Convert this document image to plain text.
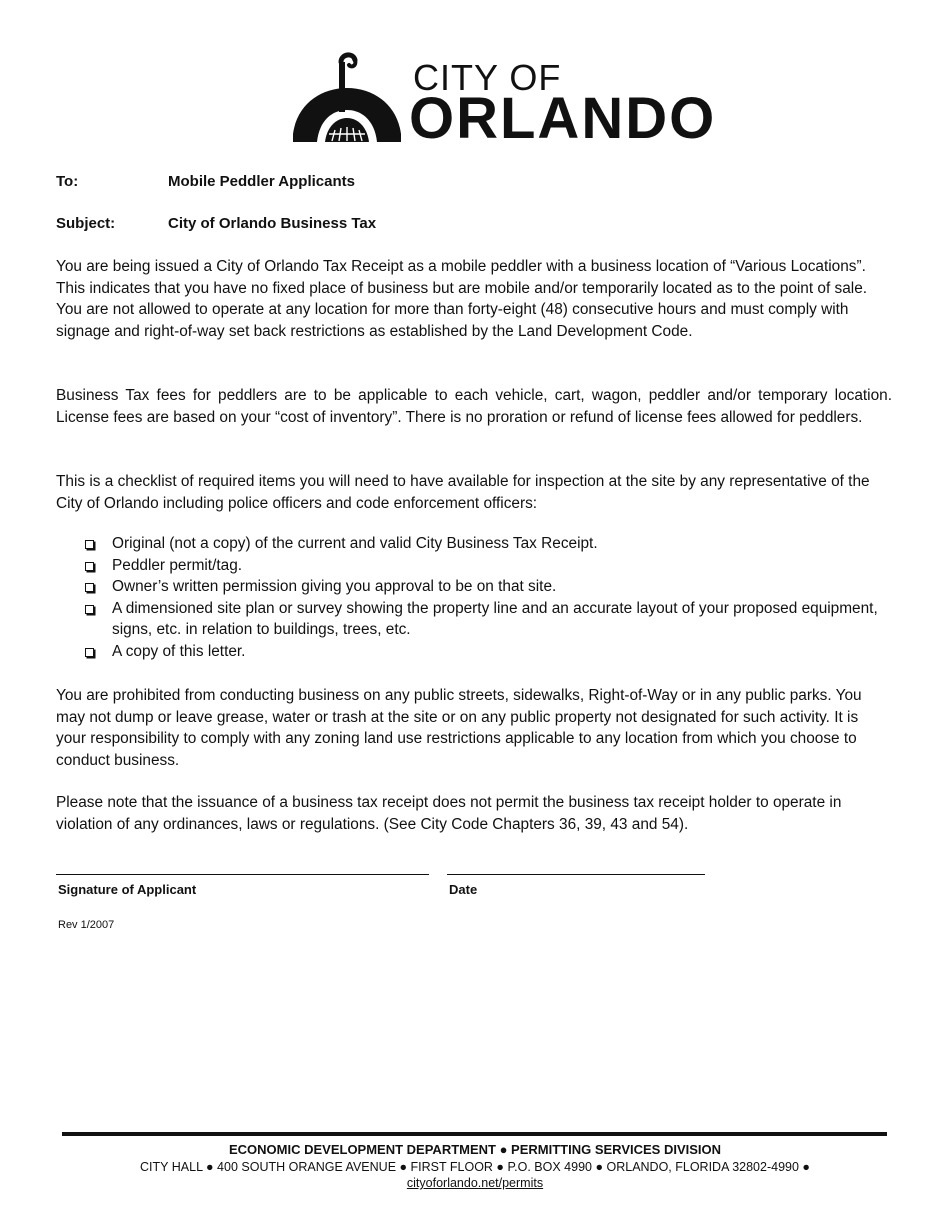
CITY OF
ORLANDO
To:	Mobile Peddler Applicants
Subject:	City of Orlando Business Tax

You are being issued a City of Orlando Tax Receipt as a mobile peddler with a business location of “Various Locations”. This indicates that you have no fixed place of business but are mobile and/or temporarily located as to the point of sale. You are not allowed to operate at any location for more than forty-eight (48) consecutive hours and must comply with signage and right-of-way set back restrictions as established by the Land Development Code.

Business Tax fees for peddlers are to be applicable to each vehicle, cart, wagon, peddler and/or temporary location. License fees are based on your “cost of inventory”. There is no proration or refund of license fees allowed for peddlers.

This is a checklist of required items you will need to have available for inspection at the site by any representative of the City of Orlando including police officers and code enforcement officers:

Original (not a copy) of the current and valid City Business Tax Receipt.
Peddler permit/tag.
Owner’s written permission giving you approval to be on that site.
A dimensioned site plan or survey showing the property line and an accurate layout of your proposed equipment, signs, etc. in relation to buildings, trees, etc.
A copy of this letter.

You are prohibited from conducting business on any public streets, sidewalks, Right-of-Way or in any public parks. You may not dump or leave grease, water or trash at the site or on any public property not designated for such activity. It is your responsibility to comply with any zoning land use restrictions applicable to any location from which you choose to conduct business.

Please note that the issuance of a business tax receipt does not permit the business tax receipt holder to operate in violation of any ordinances, laws or regulations. (See City Code Chapters 36, 39, 43 and 54).

Signature of Applicant	Date
Rev 1/2007
ECONOMIC DEVELOPMENT DEPARTMENT ● PERMITTING SERVICES DIVISION
CITY HALL ● 400 SOUTH ORANGE AVENUE ● FIRST FLOOR ● P.O. BOX 4990 ● ORLANDO, FLORIDA 32802-4990 ●
cityoforlando.net/permits
